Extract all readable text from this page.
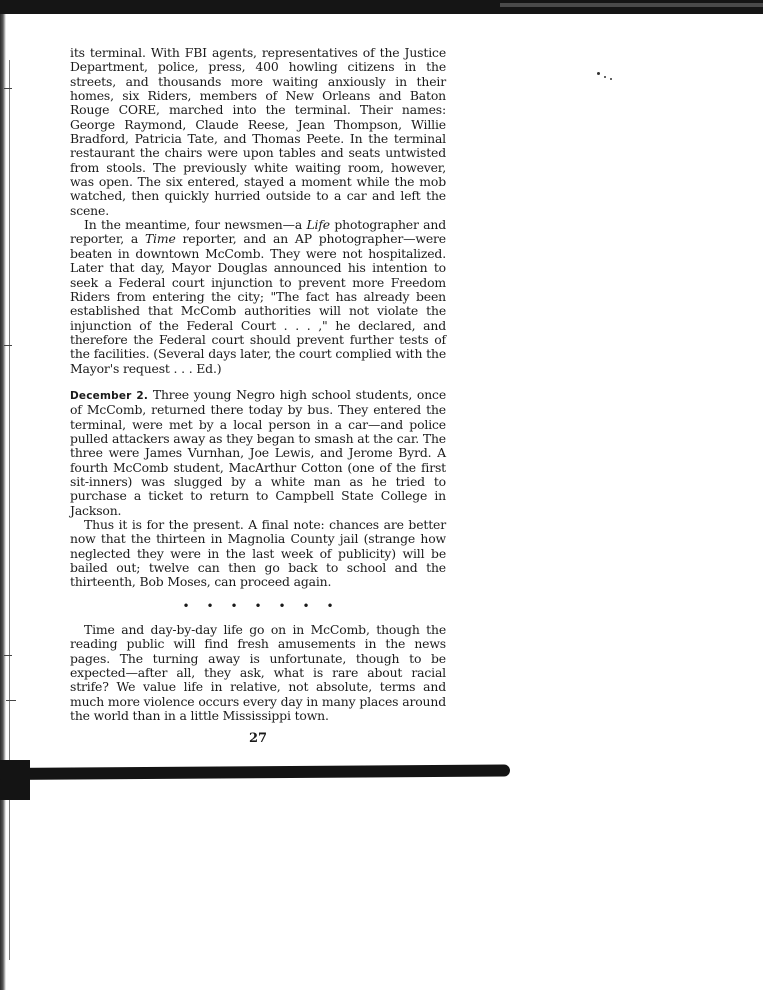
its terminal. With FBI agents, representatives of the Justice Department, police, press, 400 howling citizens in the streets, and thousands more waiting anxiously in their homes, six Riders, members of New Orleans and Baton Rouge CORE, marched into the terminal. Their names: George Raymond, Claude Reese, Jean Thompson, Willie Bradford, Patricia Tate, and Thomas Peete. In the terminal restaurant the chairs were upon tables and seats untwisted from stools. The previously white waiting room, however, was open. The six entered, stayed a moment while the mob watched, then quickly hurried outside to a car and left the scene.

In the meantime, four newsmen—a Life photographer and reporter, a Time reporter, and an AP photographer—were beaten in downtown McComb. They were not hospitalized. Later that day, Mayor Douglas announced his intention to seek a Federal court injunction to prevent more Freedom Riders from entering the city; "The fact has already been established that McComb authorities will not violate the injunction of the Federal Court . . . ," he declared, and therefore the Federal court should prevent further tests of the facilities. (Several days later, the court complied with the Mayor's request . . . Ed.)

December 2. Three young Negro high school students, once of McComb, returned there today by bus. They entered the terminal, were met by a local person in a car—and police pulled attackers away as they began to smash at the car. The three were James Vurnhan, Joe Lewis, and Jerome Byrd. A fourth McComb student, MacArthur Cotton (one of the first sit-inners) was slugged by a white man as he tried to purchase a ticket to return to Campbell State College in Jackson.

Thus it is for the present. A final note: chances are better now that the thirteen in Magnolia County jail (strange how neglected they were in the last week of publicity) will be bailed out; twelve can then go back to school and the thirteenth, Bob Moses, can proceed again.

• • • • • • •

Time and day-by-day life go on in McComb, though the reading public will find fresh amusements in the news pages. The turning away is unfortunate, though to be expected—after all, they ask, what is rare about racial strife? We value life in relative, not absolute, terms and much more violence occurs every day in many places around the world than in a little Mississippi town.

27
